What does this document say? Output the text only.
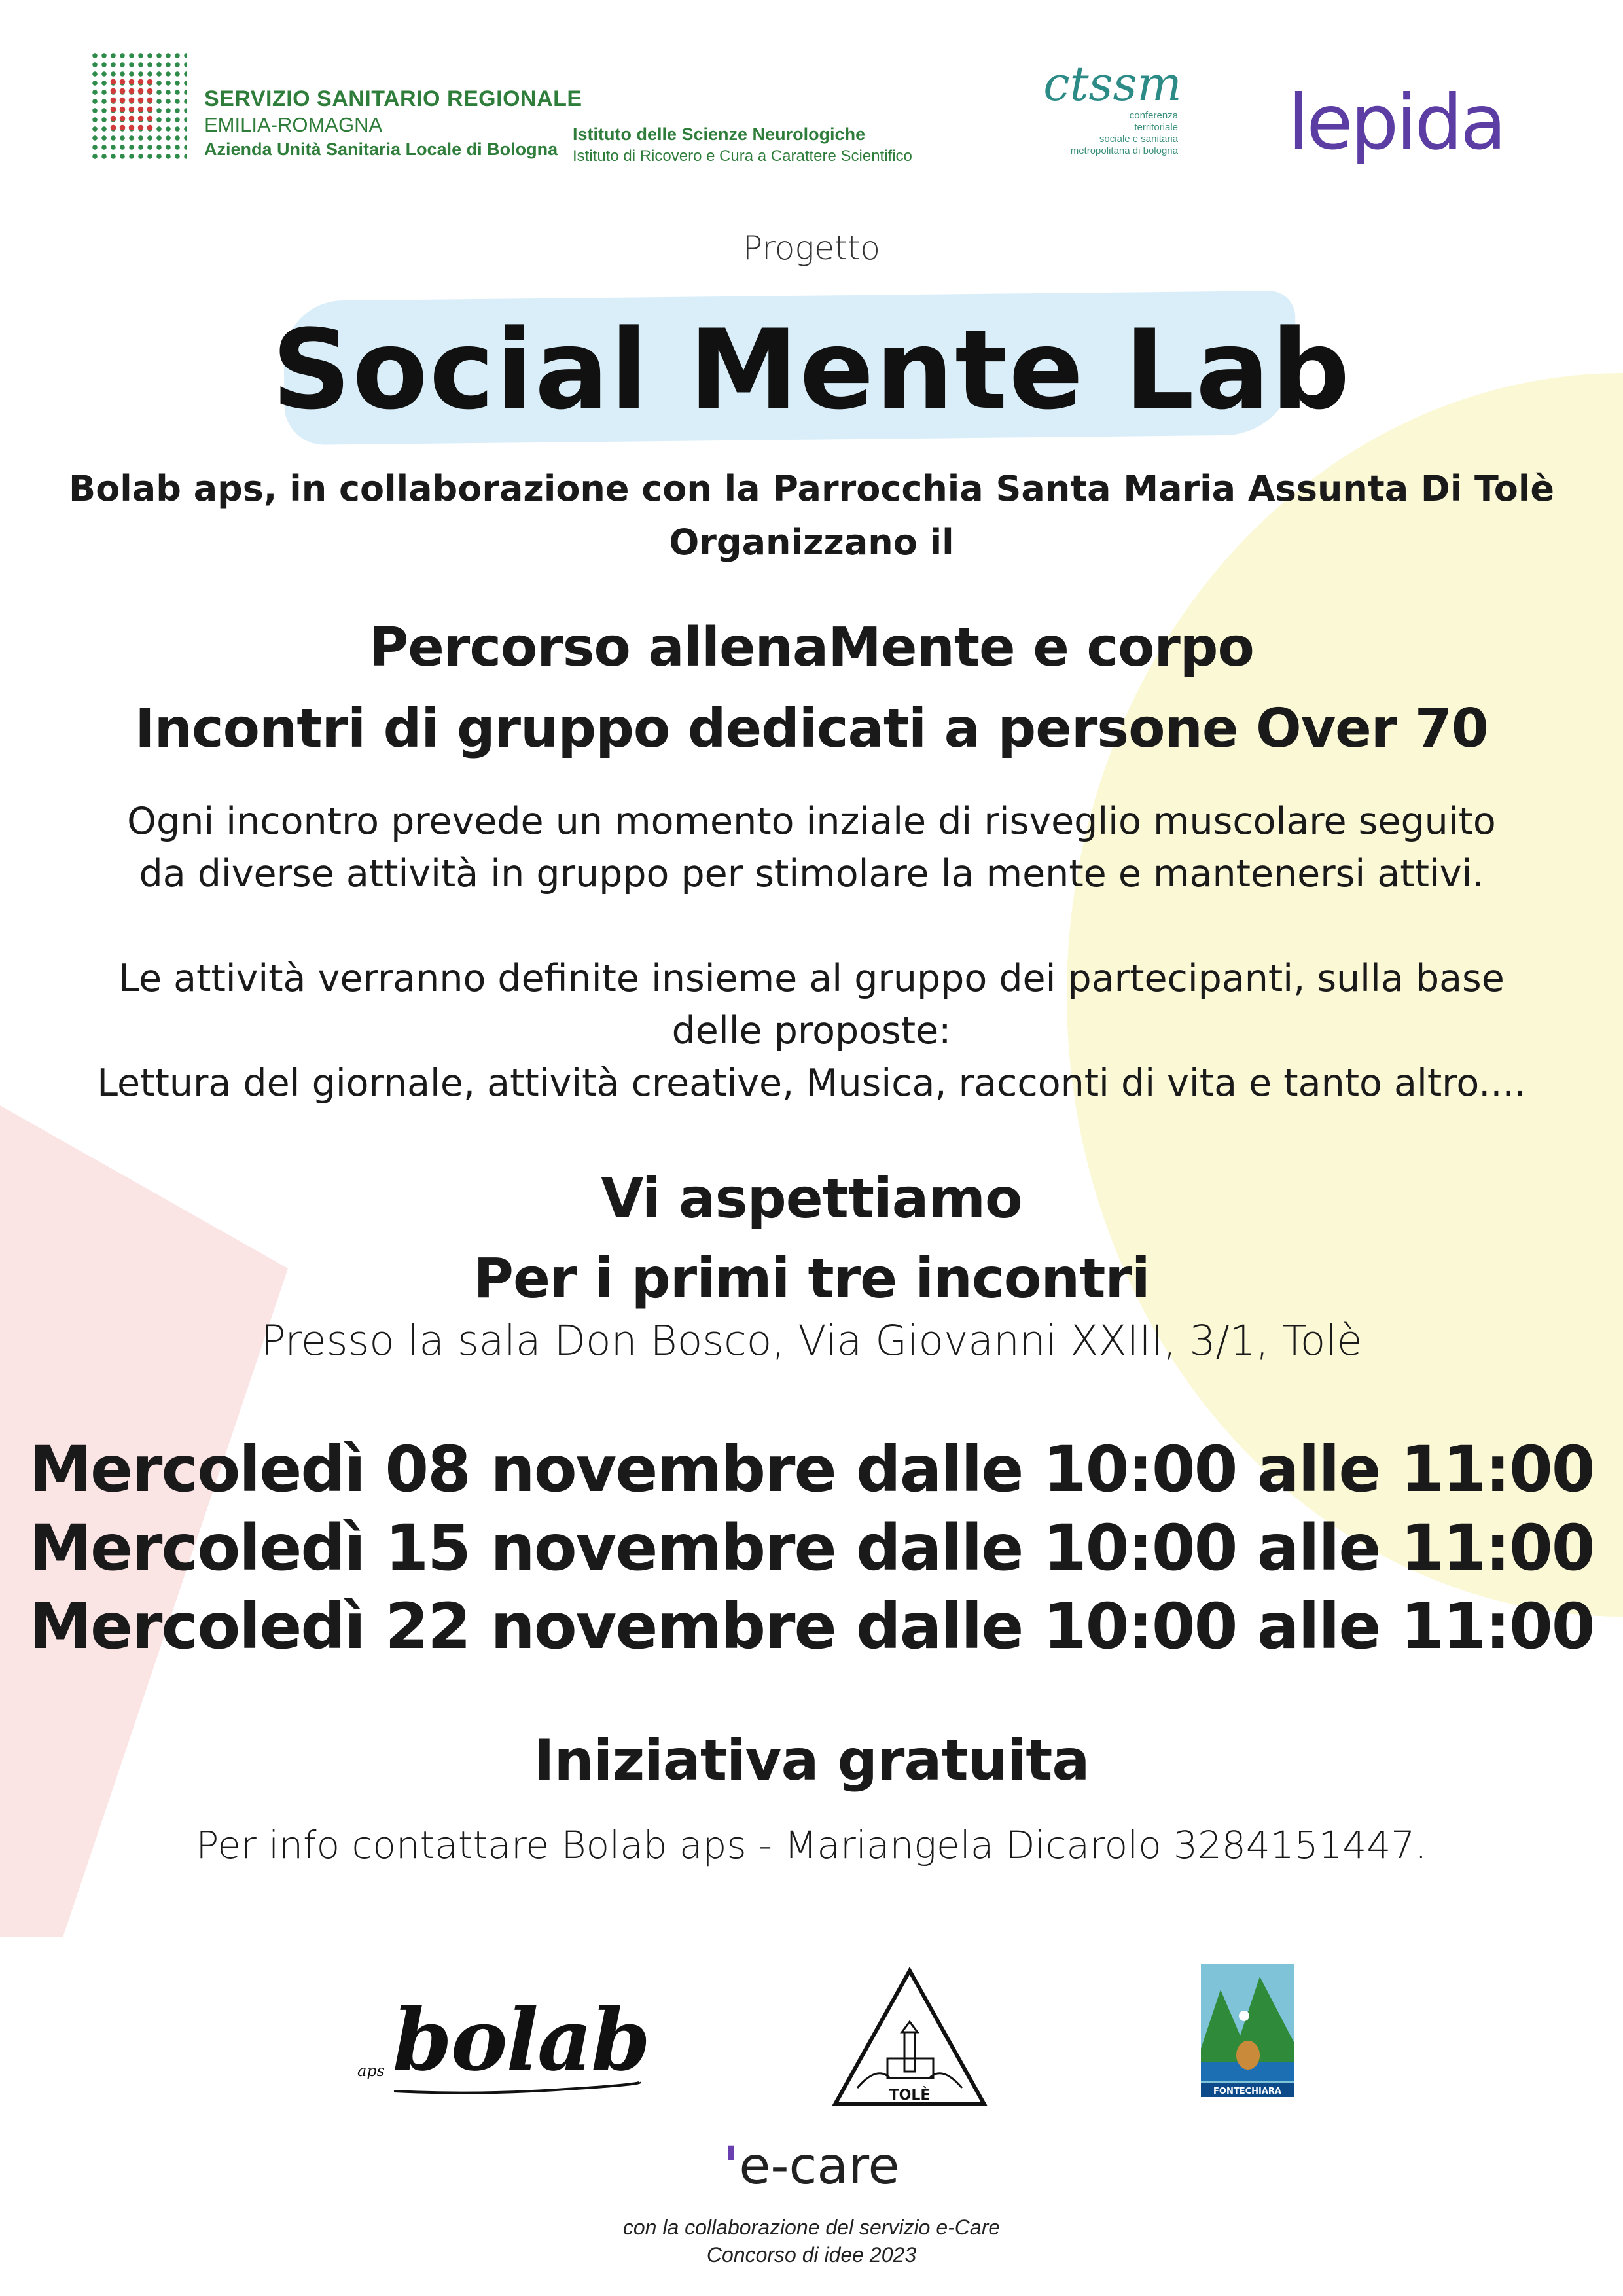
SERVIZIO SANITARIO REGIONALE
EMILIA-ROMAGNA
Azienda Unità Sanitaria Locale di Bologna
Istituto delle Scienze Neurologiche
Istituto di Ricovero e Cura a Carattere Scientifico
ctssm
conferenza
territoriale
sociale e sanitaria
metropolitana di bologna lepida
Progetto
Social Mente Lab
Bolab aps, in collaborazione con la Parrocchia Santa Maria Assunta Di Tolè
Organizzano il
Percorso allenaMente e corpo
Incontri di gruppo dedicati a persone Over 70
Ogni incontro prevede un momento inziale di risveglio muscolare seguito
da diverse attività in gruppo per stimolare la mente e mantenersi attivi.
Le attività verranno definite insieme al gruppo dei partecipanti, sulla base
delle proposte:
Lettura del giornale, attività creative, Musica, racconti di vita e tanto altro....
Vi aspettiamo
Per i primi tre incontri
Presso la sala Don Bosco, Via Giovanni XXIII, 3/1, Tolè
Mercoledì 08 novembre dalle 10:00 alle 11:00
Mercoledì 15 novembre dalle 10:00 alle 11:00
Mercoledì 22 novembre dalle 10:00 alle 11:00
Iniziativa gratuita
Per info contattare Bolab aps - Mariangela Dicarolo 3284151447.
aps bolab
TOLÈ	FONTECHIARA
'e-care
con la collaborazione del servizio e-Care
Concorso di idee 2023
